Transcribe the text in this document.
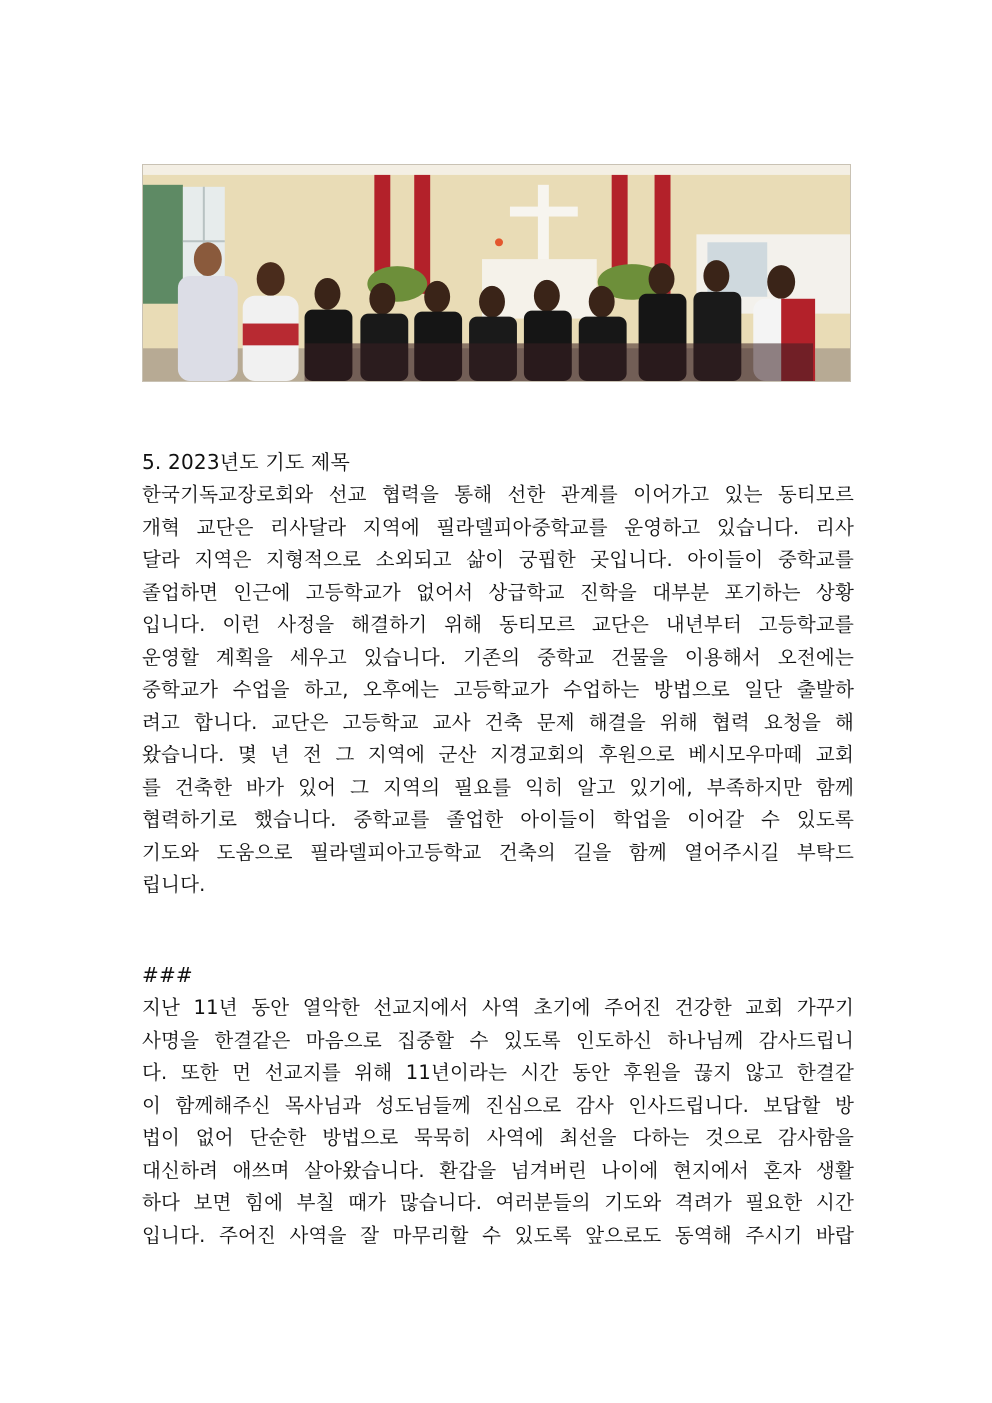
5. 2023년도 기도 제목
한국기독교장로회와 선교 협력을 통해 선한 관계를 이어가고 있는 동티모르
개혁 교단은 리사달라 지역에 필라델피아중학교를 운영하고 있습니다. 리사
달라 지역은 지형적으로 소외되고 삶이 궁핍한 곳입니다. 아이들이 중학교를
졸업하면 인근에 고등학교가 없어서 상급학교 진학을 대부분 포기하는 상황
입니다. 이런 사정을 해결하기 위해 동티모르 교단은 내년부터 고등학교를
운영할 계획을 세우고 있습니다. 기존의 중학교 건물을 이용해서 오전에는
중학교가 수업을 하고, 오후에는 고등학교가 수업하는 방법으로 일단 출발하
려고 합니다. 교단은 고등학교 교사 건축 문제 해결을 위해 협력 요청을 해
왔습니다. 몇 년 전 그 지역에 군산 지경교회의 후원으로 베시모우마떼 교회
를 건축한 바가 있어 그 지역의 필요를 익히 알고 있기에, 부족하지만 함께
협력하기로 했습니다. 중학교를 졸업한 아이들이 학업을 이어갈 수 있도록
기도와 도움으로 필라델피아고등학교 건축의 길을 함께 열어주시길 부탁드
립니다.
###
지난 11년 동안 열악한 선교지에서 사역 초기에 주어진 건강한 교회 가꾸기
사명을 한결같은 마음으로 집중할 수 있도록 인도하신 하나님께 감사드립니
다. 또한 먼 선교지를 위해 11년이라는 시간 동안 후원을 끊지 않고 한결같
이 함께해주신 목사님과 성도님들께 진심으로 감사 인사드립니다. 보답할 방
법이 없어 단순한 방법으로 묵묵히 사역에 최선을 다하는 것으로 감사함을
대신하려 애쓰며 살아왔습니다. 환갑을 넘겨버린 나이에 현지에서 혼자 생활
하다 보면 힘에 부칠 때가 많습니다. 여러분들의 기도와 격려가 필요한 시간
입니다. 주어진 사역을 잘 마무리할 수 있도록 앞으로도 동역해 주시기 바랍
